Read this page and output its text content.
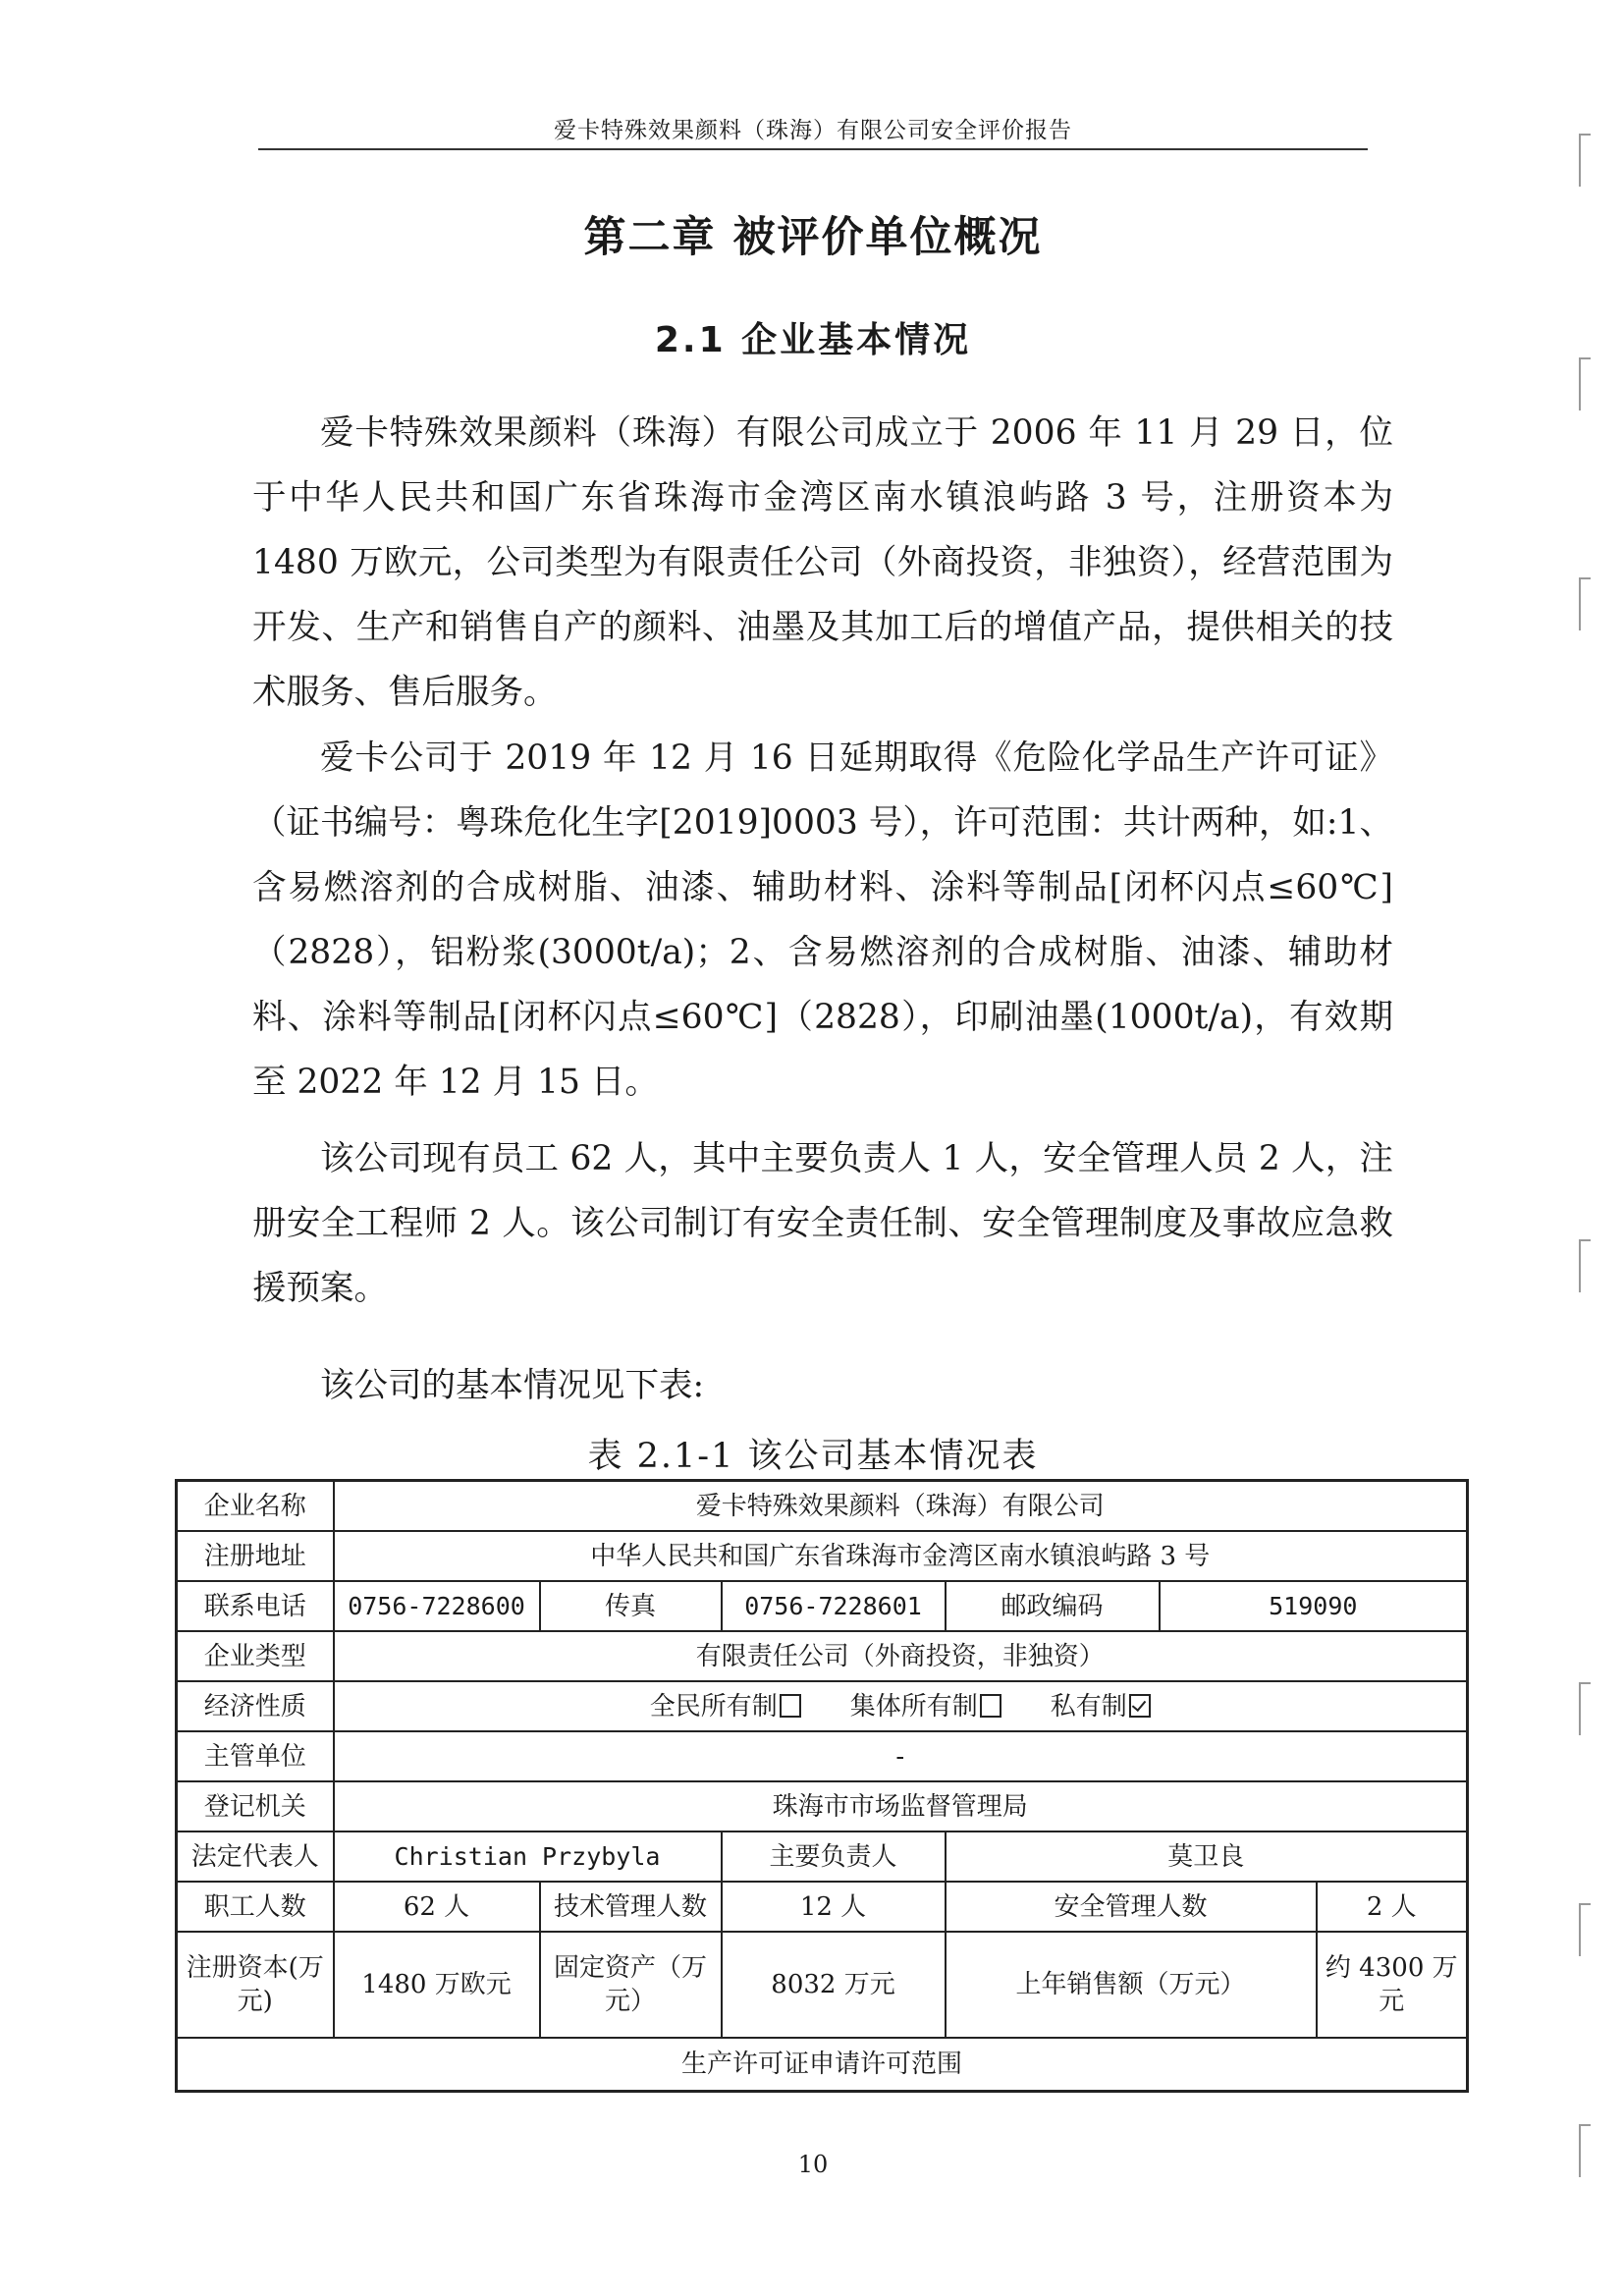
爱卡特殊效果颜料（珠海）有限公司安全评价报告
第二章 被评价单位概况
2.1 企业基本情况

爱卡特殊效果颜料（珠海）有限公司成立于 2006 年 11 月 29 日，位于中华人民共和国广东省珠海市金湾区南水镇浪屿路 3 号，注册资本为 1480 万欧元，公司类型为有限责任公司（外商投资，非独资），经营范围为开发、生产和销售自产的颜料、油墨及其加工后的增值产品，提供相关的技术服务、售后服务。

爱卡公司于 2019 年 12 月 16 日延期取得《危险化学品生产许可证》（证书编号：粤珠危化生字[2019]0003 号），许可范围：共计两种，如:1、含易燃溶剂的合成树脂、油漆、辅助材料、涂料等制品[闭杯闪点≤60℃]（2828），铝粉浆(3000t/a)；2、含易燃溶剂的合成树脂、油漆、辅助材料、涂料等制品[闭杯闪点≤60℃]（2828），印刷油墨(1000t/a)，有效期至 2022 年 12 月 15 日。

该公司现有员工 62 人，其中主要负责人 1 人，安全管理人员 2 人，注册安全工程师 2 人。该公司制订有安全责任制、安全管理制度及事故应急救援预案。

该公司的基本情况见下表:

表 2.1-1 该公司基本情况表
企业名称	爱卡特殊效果颜料（珠海）有限公司					
注册地址	中华人民共和国广东省珠海市金湾区南水镇浪屿路 3 号					
联系电话	0756-7228600	传真	0756-7228601	邮政编码	519090	
企业类型	有限责任公司（外商投资，非独资）					
经济性质	全民所有制 集体所有制 私有制					
主管单位	-					
登记机关	珠海市市场监督管理局					
法定代表人	Christian Przybyla		主要负责人	莫卫良		
职工人数	62 人	技术管理人数	12 人	安全管理人数		2 人
注册资本(万元)	1480 万欧元	固定资产（万元）	8032 万元	上年销售额（万元）		约 4300 万元
生产许可证申请许可范围						
10
